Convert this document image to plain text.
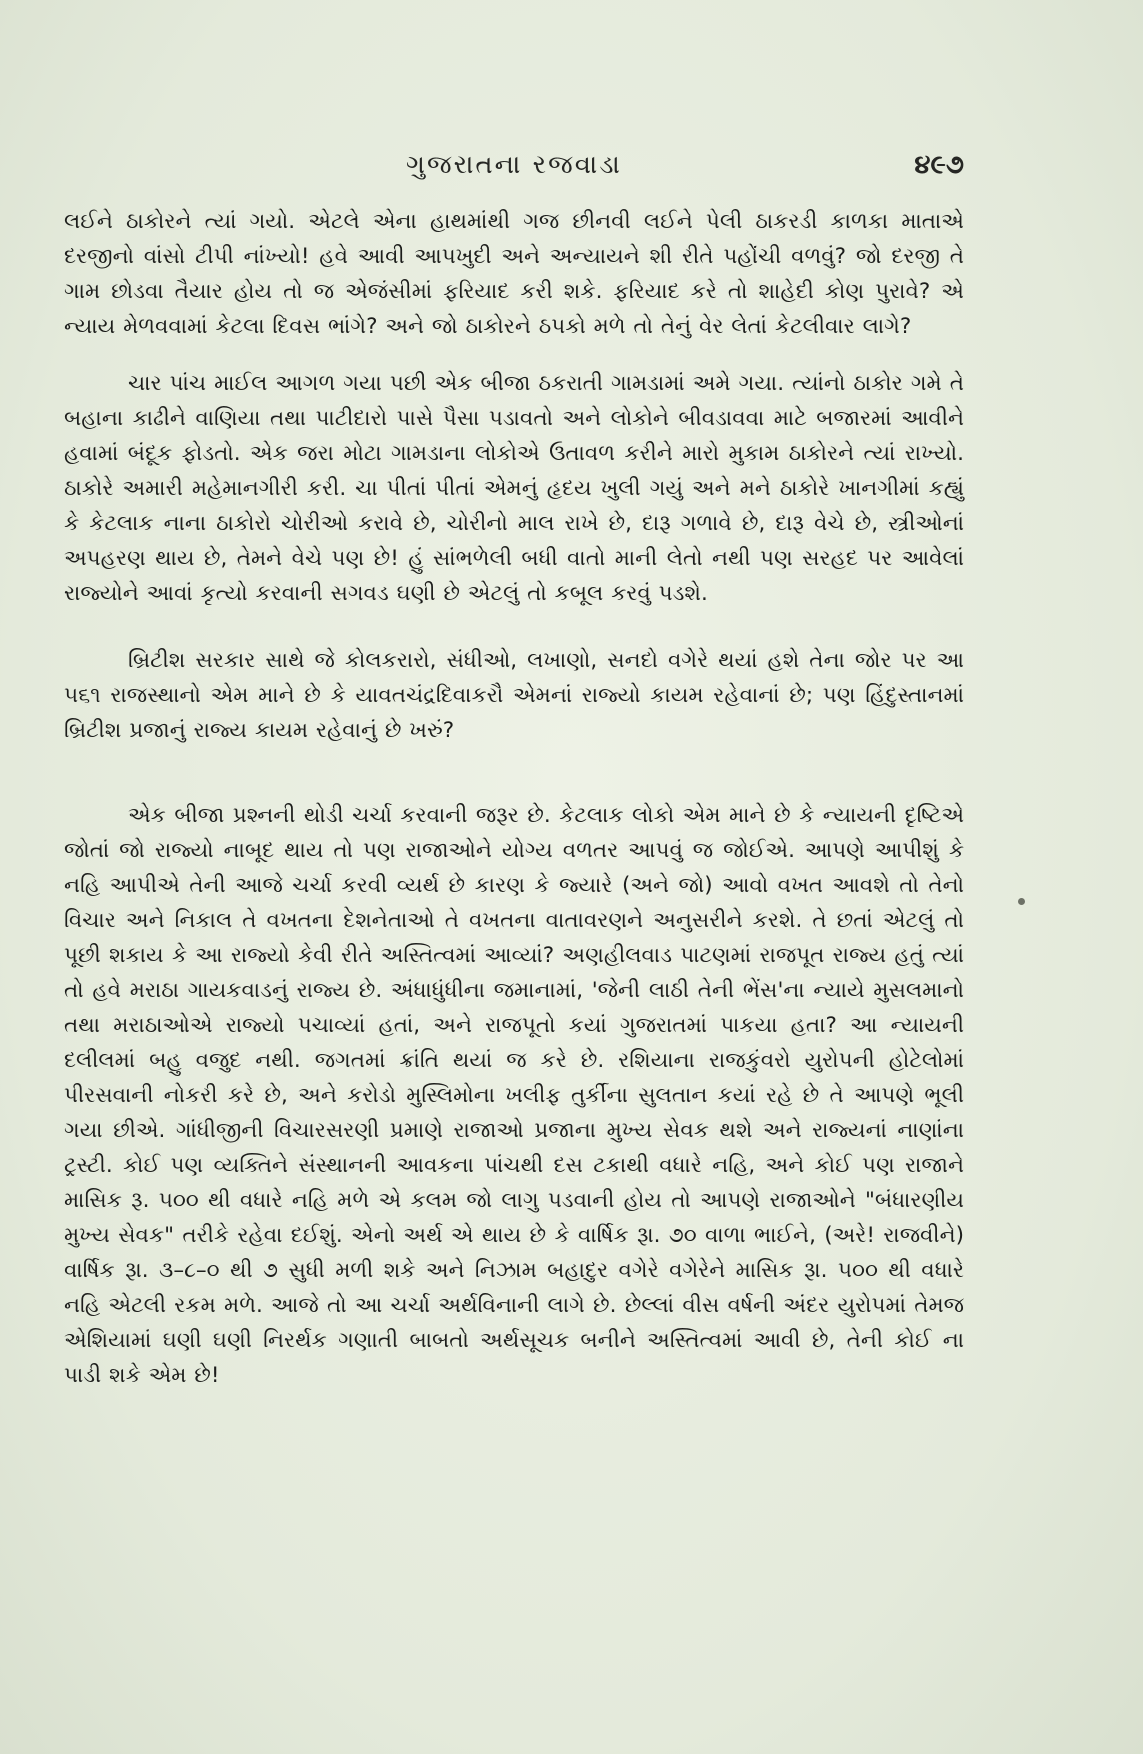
ગુજરાતના રજવાડા	૪૯૭

લઈને ઠાકોરને ત્યાં ગયો. એટલે એના હાથમાંથી ગજ છીનવી લઈને પેલી ઠાકરડી કાળકા માતાએ દરજીનો વાંસો ટીપી નાંખ્યો! હવે આવી આપખુદી અને અન્યાયને શી રીતે પહોંચી વળવું? જો દરજી તે ગામ છોડવા તૈયાર હોય તો જ એજંસીમાં ફરિયાદ કરી શકે. ફરિયાદ કરે તો શાહેદી કોણ પુરાવે? એ ન્યાય મેળવવામાં કેટલા દિવસ ભાંગે? અને જો ઠાકોરને ઠપકો મળે તો તેનું વેર લેતાં કેટલીવાર લાગે?

ચાર પાંચ માઈલ આગળ ગયા પછી એક બીજા ઠકરાતી ગામડામાં અમે ગયા. ત્યાંનો ઠાકોર ગમે તે બહાના કાઢીને વાણિયા તથા પાટીદારો પાસે પૈસા પડાવતો અને લોકોને બીવડાવવા માટે બજારમાં આવીને હવામાં બંદૂક ફોડતો. એક જરા મોટા ગામડાના લોકોએ ઉતાવળ કરીને મારો મુકામ ઠાકોરને ત્યાં રાખ્યો. ઠાકોરે અમારી મહેમાનગીરી કરી. ચા પીતાં પીતાં એમનું હૃદય ખુલી ગયું અને મને ઠાકોરે ખાનગીમાં કહ્યું કે કેટલાક નાના ઠાકોરો ચોરીઓ કરાવે છે, ચોરીનો માલ રાખે છે, દારૂ ગળાવે છે, દારૂ વેચે છે, સ્ત્રીઓનાં અપહરણ થાય છે, તેમને વેચે પણ છે! હું સાંભળેલી બધી વાતો માની લેતો નથી પણ સરહદ પર આવેલાં રાજ્યોને આવાં કૃત્યો કરવાની સગવડ ઘણી છે એટલું તો કબૂલ કરવું પડશે.

બ્રિટીશ સરકાર સાથે જે કોલકરારો, સંધીઓ, લખાણો, સનદો વગેરે થયાં હશે તેના જોર પર આ ૫૬૧ રાજસ્થાનો એમ માને છે કે યાવતચંદ્રદિવાકરૌ એમનાં રાજ્યો કાયમ રહેવાનાં છે; પણ હિંદુસ્તાનમાં બ્રિટીશ પ્રજાનું રાજ્ય કાયમ રહેવાનું છે ખરું?

એક બીજા પ્રશ્નની થોડી ચર્ચા કરવાની જરૂર છે. કેટલાક લોકો એમ માને છે કે ન્યાયની દૃષ્ટિએ જોતાં જો રાજ્યો નાબૂદ થાય તો પણ રાજાઓને યોગ્ય વળતર આપવું જ જોઈએ. આપણે આપીશું કે નહિ આપીએ તેની આજે ચર્ચા કરવી વ્યર્થ છે કારણ કે જ્યારે (અને જો) આવો વખત આવશે તો તેનો વિચાર અને નિકાલ તે વખતના દેશનેતાઓ તે વખતના વાતાવરણને અનુસરીને કરશે. તે છતાં એટલું તો પૂછી શકાય કે આ રાજ્યો કેવી રીતે અસ્તિત્વમાં આવ્યાં? અણહીલવાડ પાટણમાં રાજપૂત રાજ્ય હતું ત્યાં તો હવે મરાઠા ગાયકવાડનું રાજ્ય છે. અંધાધુંધીના જમાનામાં, 'જેની લાઠી તેની ભેંસ'ના ન્યાયે મુસલમાનો તથા મરાઠાઓએ રાજ્યો પચાવ્યાં હતાં, અને રાજપૂતો કયાં ગુજરાતમાં પાકયા હતા? આ ન્યાયની દલીલમાં બહુ વજુદ નથી. જગતમાં ક્રાંતિ થયાં જ કરે છે. રશિયાના રાજકુંવરો યુરોપની હોટેલોમાં પીરસવાની નોકરી કરે છે, અને કરોડો મુસ્લિમોના ખલીફ તુર્કીના સુલતાન કયાં રહે છે તે આપણે ભૂલી ગયા છીએ. ગાંધીજીની વિચારસરણી પ્રમાણે રાજાઓ પ્રજાના મુખ્ય સેવક થશે અને રાજ્યનાં નાણાંના ટ્રસ્ટી. કોઈ પણ વ્યક્તિને સંસ્થાનની આવકના પાંચથી દસ ટકાથી વધારે નહિ, અને કોઈ પણ રાજાને માસિક રૂ. ૫૦૦ થી વધારે નહિ મળે એ કલમ જો લાગુ પડવાની હોય તો આપણે રાજાઓને "બંધારણીય મુખ્ય સેવક" તરીકે રહેવા દઈશું. એનો અર્થ એ થાય છે કે વાર્ષિક રૂા. ૭૦ વાળા ભાઈને, (અરે! રાજવીને) વાર્ષિક રૂા. ૩–૮–૦ થી ૭ સુધી મળી શકે અને નિઝામ બહાદુર વગેરે વગેરેને માસિક રૂા. ૫૦૦ થી વધારે નહિ એટલી રકમ મળે. આજે તો આ ચર્ચા અર્થવિનાની લાગે છે. છેલ્લાં વીસ વર્ષની અંદર યુરોપમાં તેમજ એશિયામાં ઘણી ઘણી નિરર્થક ગણાતી બાબતો અર્થસૂચક બનીને અસ્તિત્વમાં આવી છે, તેની કોઈ ના પાડી શકે એમ છે!
